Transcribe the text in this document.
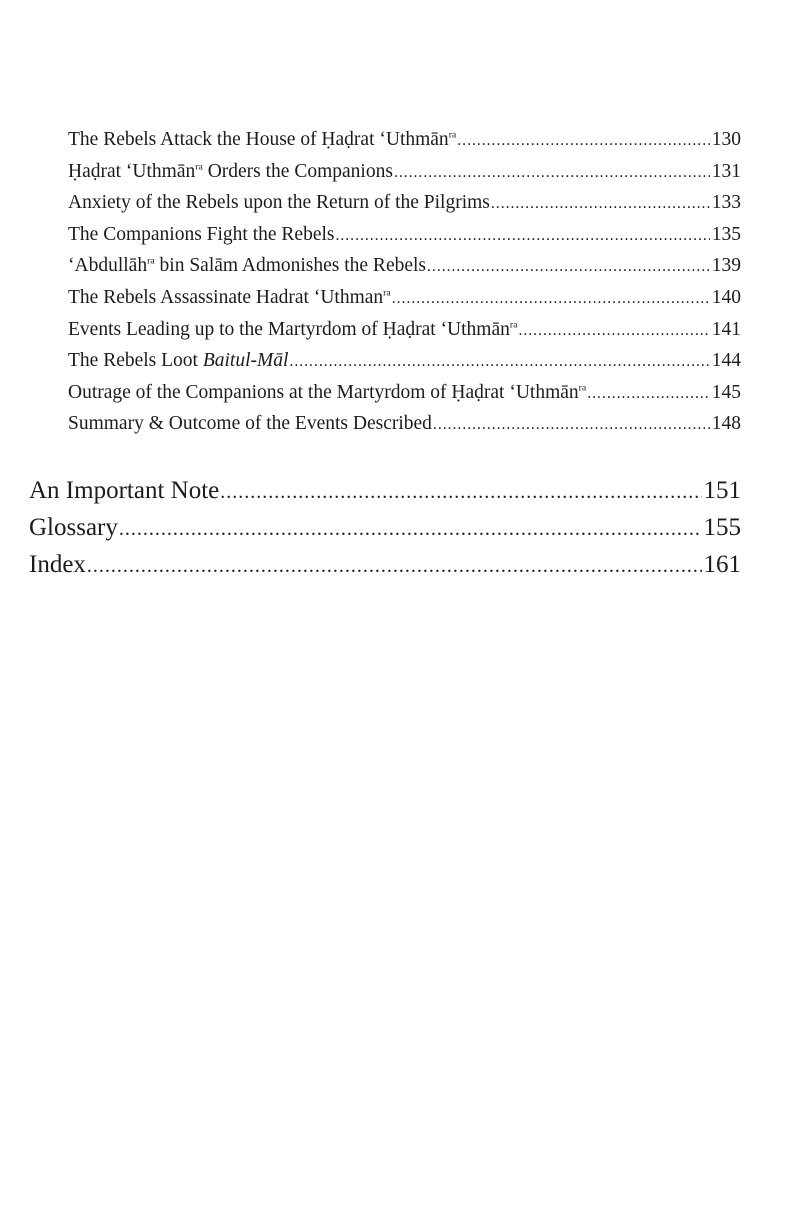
The Rebels Attack the House of Ḥaḍrat ‘Uthmān$^{ra}$ .....	130
Ḥaḍrat ‘Uthmān$^{ra}$ Orders the Companions .....	131
Anxiety of the Rebels upon the Return of the Pilgrims .....	133
The Companions Fight the Rebels .....	135
‘Abdullāh$^{ra}$ bin Salām Admonishes the Rebels .....	139
The Rebels Assassinate Hadrat ‘Uthman$^{ra}$ .....	140
Events Leading up to the Martyrdom of Ḥaḍrat ‘Uthmān$^{ra}$ .....	141
The Rebels Loot Baitul-Māl .....	144
Outrage of the Companions at the Martyrdom of Ḥaḍrat ‘Uthmān$^{ra}$ .....	145
Summary & Outcome of the Events Described .....	148
An Important Note .....	151
Glossary .....	155
Index .....	161
